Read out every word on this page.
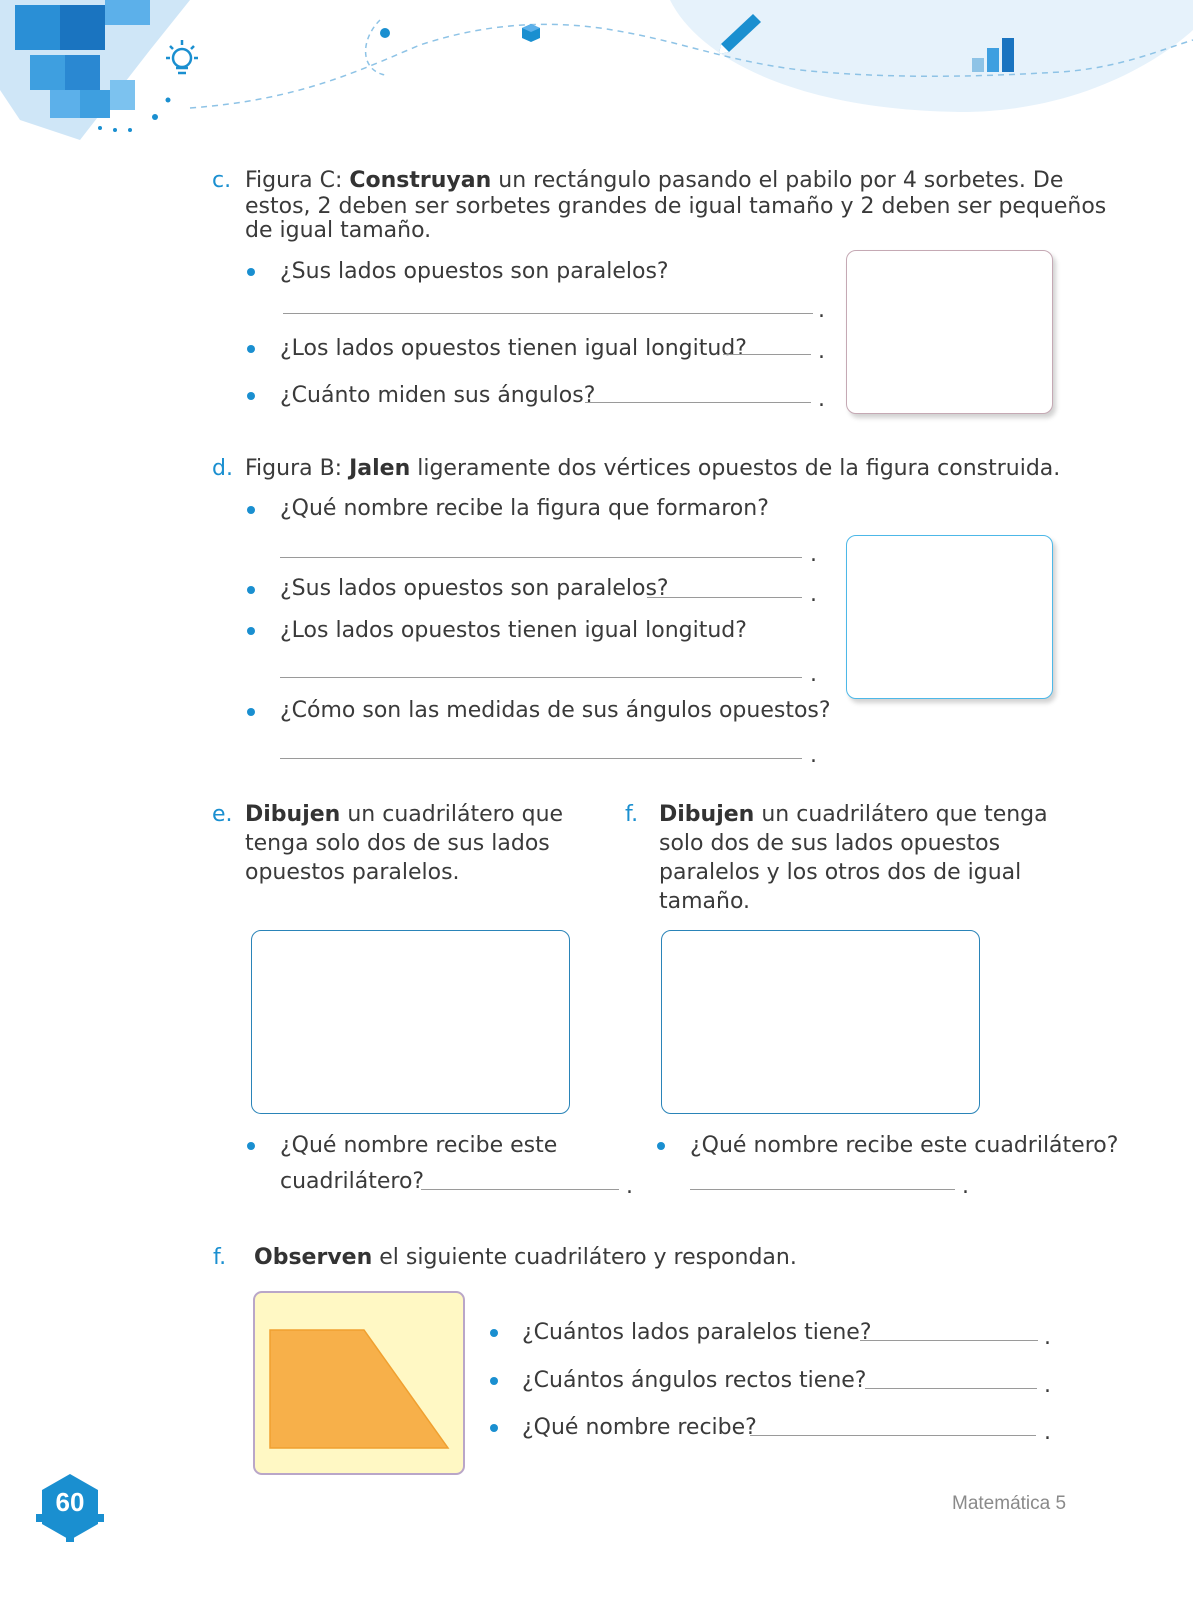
c. Figura C: Construyan un rectángulo pasando el pabilo por 4 sorbetes. De
estos, 2 deben ser sorbetes grandes de igual tamaño y 2 deben ser pequeños
de igual tamaño.
¿Sus lados opuestos son paralelos?
.
¿Los lados opuestos tienen igual longitud?	.
¿Cuánto miden sus ángulos?	.
d. Figura B: Jalen ligeramente dos vértices opuestos de la figura construida.
¿Qué nombre recibe la figura que formaron?
.
¿Sus lados opuestos son paralelos?	.
¿Los lados opuestos tienen igual longitud?
.
¿Cómo son las medidas de sus ángulos opuestos?
.
e. Dibujen un cuadrilátero que
tenga solo dos de sus lados
opuestos paralelos.
¿Qué nombre recibe este
cuadrilátero?	.
f. Dibujen un cuadrilátero que tenga
solo dos de sus lados opuestos
paralelos y los otros dos de igual
tamaño.
¿Qué nombre recibe este cuadrilátero?
.
f. Observen el siguiente cuadrilátero y respondan.
¿Cuántos lados paralelos tiene?	.
¿Cuántos ángulos rectos tiene?	.
¿Qué nombre recibe?	.
60	Matemática 5
